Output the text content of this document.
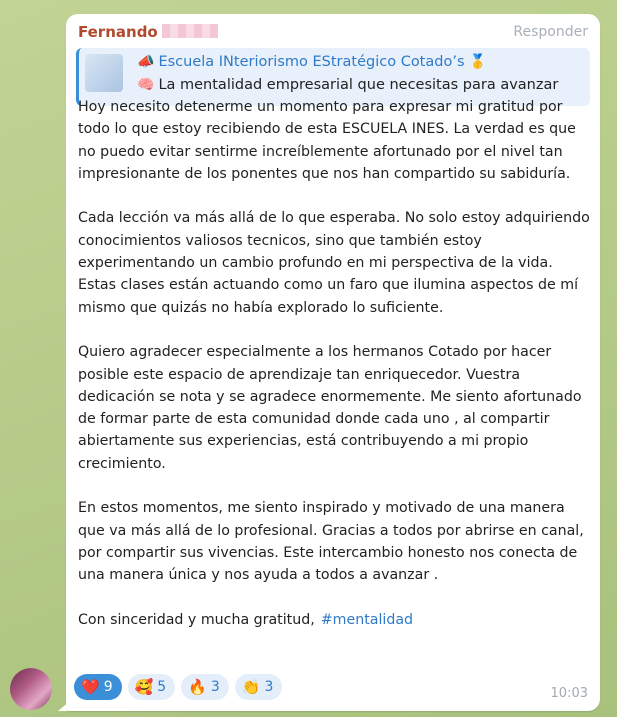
Fernando	Responder
📣 Escuela INteriorismo EStratégico Cotado’s 🥇
🧠 La mentalidad empresarial que necesitas para avanzar

Hoy necesito detenerme un momento para expresar mi gratitud por todo lo que estoy recibiendo de esta ESCUELA INES. La verdad es que no puedo evitar sentirme increíblemente afortunado por el nivel tan impresionante de los ponentes que nos han compartido su sabiduría.

Cada lección va más allá de lo que esperaba. No solo estoy adquiriendo conocimientos valiosos tecnicos, sino que también estoy experimentando un cambio profundo en mi perspectiva de la vida. Estas clases están actuando como un faro que ilumina aspectos de mí mismo que quizás no había explorado lo suficiente.

Quiero agradecer especialmente a los hermanos Cotado por hacer posible este espacio de aprendizaje tan enriquecedor. Vuestra dedicación se nota y se agradece enormemente. Me siento afortunado de formar parte de esta comunidad donde cada uno , al compartir abiertamente sus experiencias, está contribuyendo a mi propio crecimiento.

En estos momentos, me siento inspirado y motivado de una manera que va más allá de lo profesional. Gracias a todos por abrirse en canal, por compartir sus vivencias. Este intercambio honesto nos conecta de una manera única y nos ayuda a todos a avanzar .

Con sinceridad y mucha gratitud, #mentalidad

❤️ 9 🥰 5 🔥 3 👏 3	10:03
